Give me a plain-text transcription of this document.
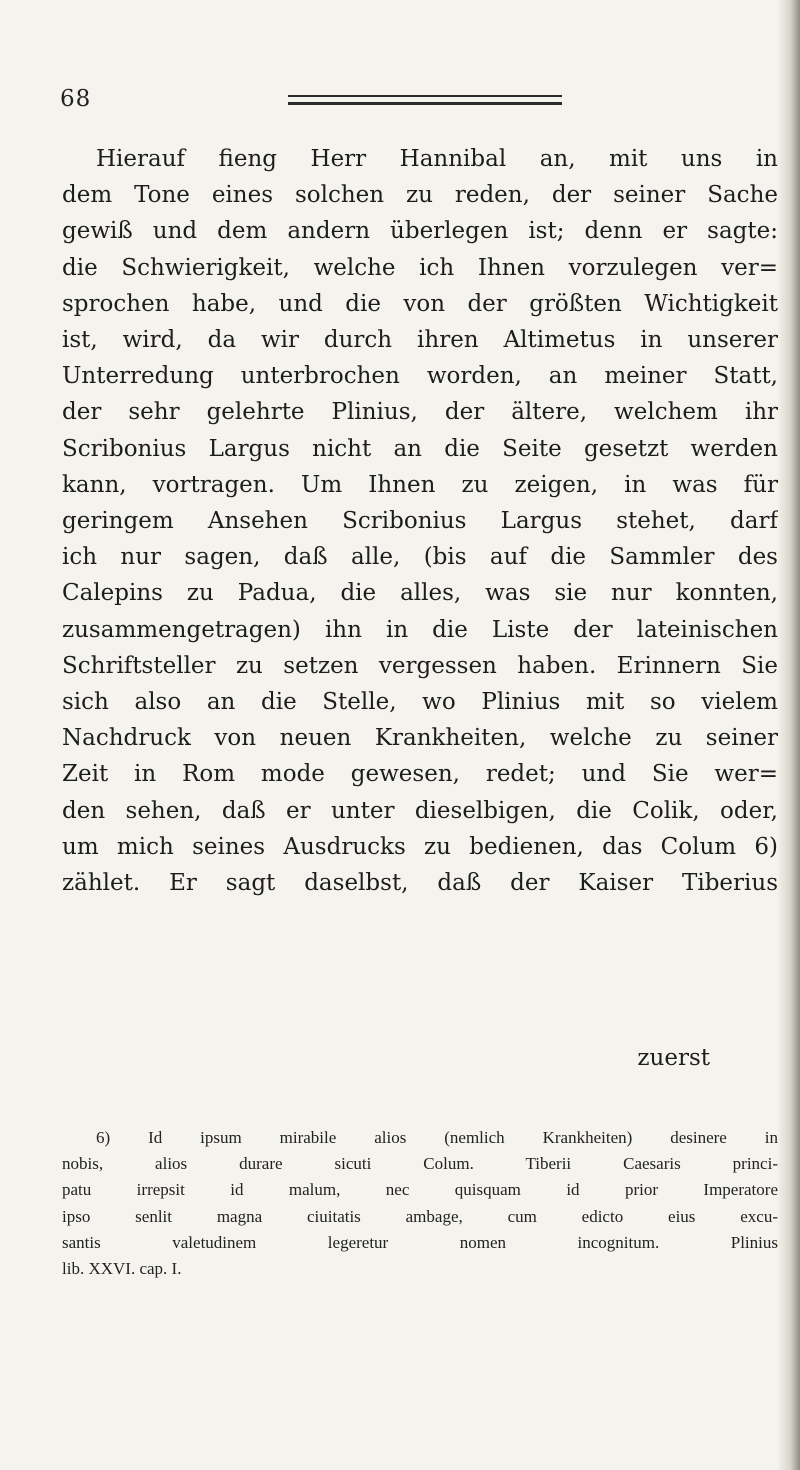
68
Hierauf fieng Herr Hannibal an, mit uns in
dem Tone eines solchen zu reden, der seiner Sache
gewiß und dem andern überlegen ist; denn er sagte:
die Schwierigkeit, welche ich Ihnen vorzulegen ver=
sprochen habe, und die von der größten Wichtigkeit
ist, wird, da wir durch ihren Altimetus in unserer
Unterredung unterbrochen worden, an meiner Statt,
der sehr gelehrte Plinius, der ältere, welchem ihr
Scribonius Largus nicht an die Seite gesetzt werden
kann, vortragen. Um Ihnen zu zeigen, in was für
geringem Ansehen Scribonius Largus stehet, darf
ich nur sagen, daß alle, (bis auf die Sammler des
Calepins zu Padua, die alles, was sie nur konnten,
zusammengetragen) ihn in die Liste der lateinischen
Schriftsteller zu setzen vergessen haben. Erinnern Sie
sich also an die Stelle, wo Plinius mit so vielem
Nachdruck von neuen Krankheiten, welche zu seiner
Zeit in Rom mode gewesen, redet; und Sie wer=
den sehen, daß er unter dieselbigen, die Colik, oder,
um mich seines Ausdrucks zu bedienen, das Colum 6)
zählet. Er sagt daselbst, daß der Kaiser Tiberius
zuerst
6) Id ipsum mirabile alios (nemlich Krankheiten) desinere in
nobis, alios durare sicuti Colum. Tiberii Caesaris princi-
patu irrepsit id malum, nec quisquam id prior Imperatore
ipso senlit magna ciuitatis ambage, cum edicto eius excu-
santis valetudinem legeretur nomen incognitum. Plinius
lib. XXVI. cap. I.
